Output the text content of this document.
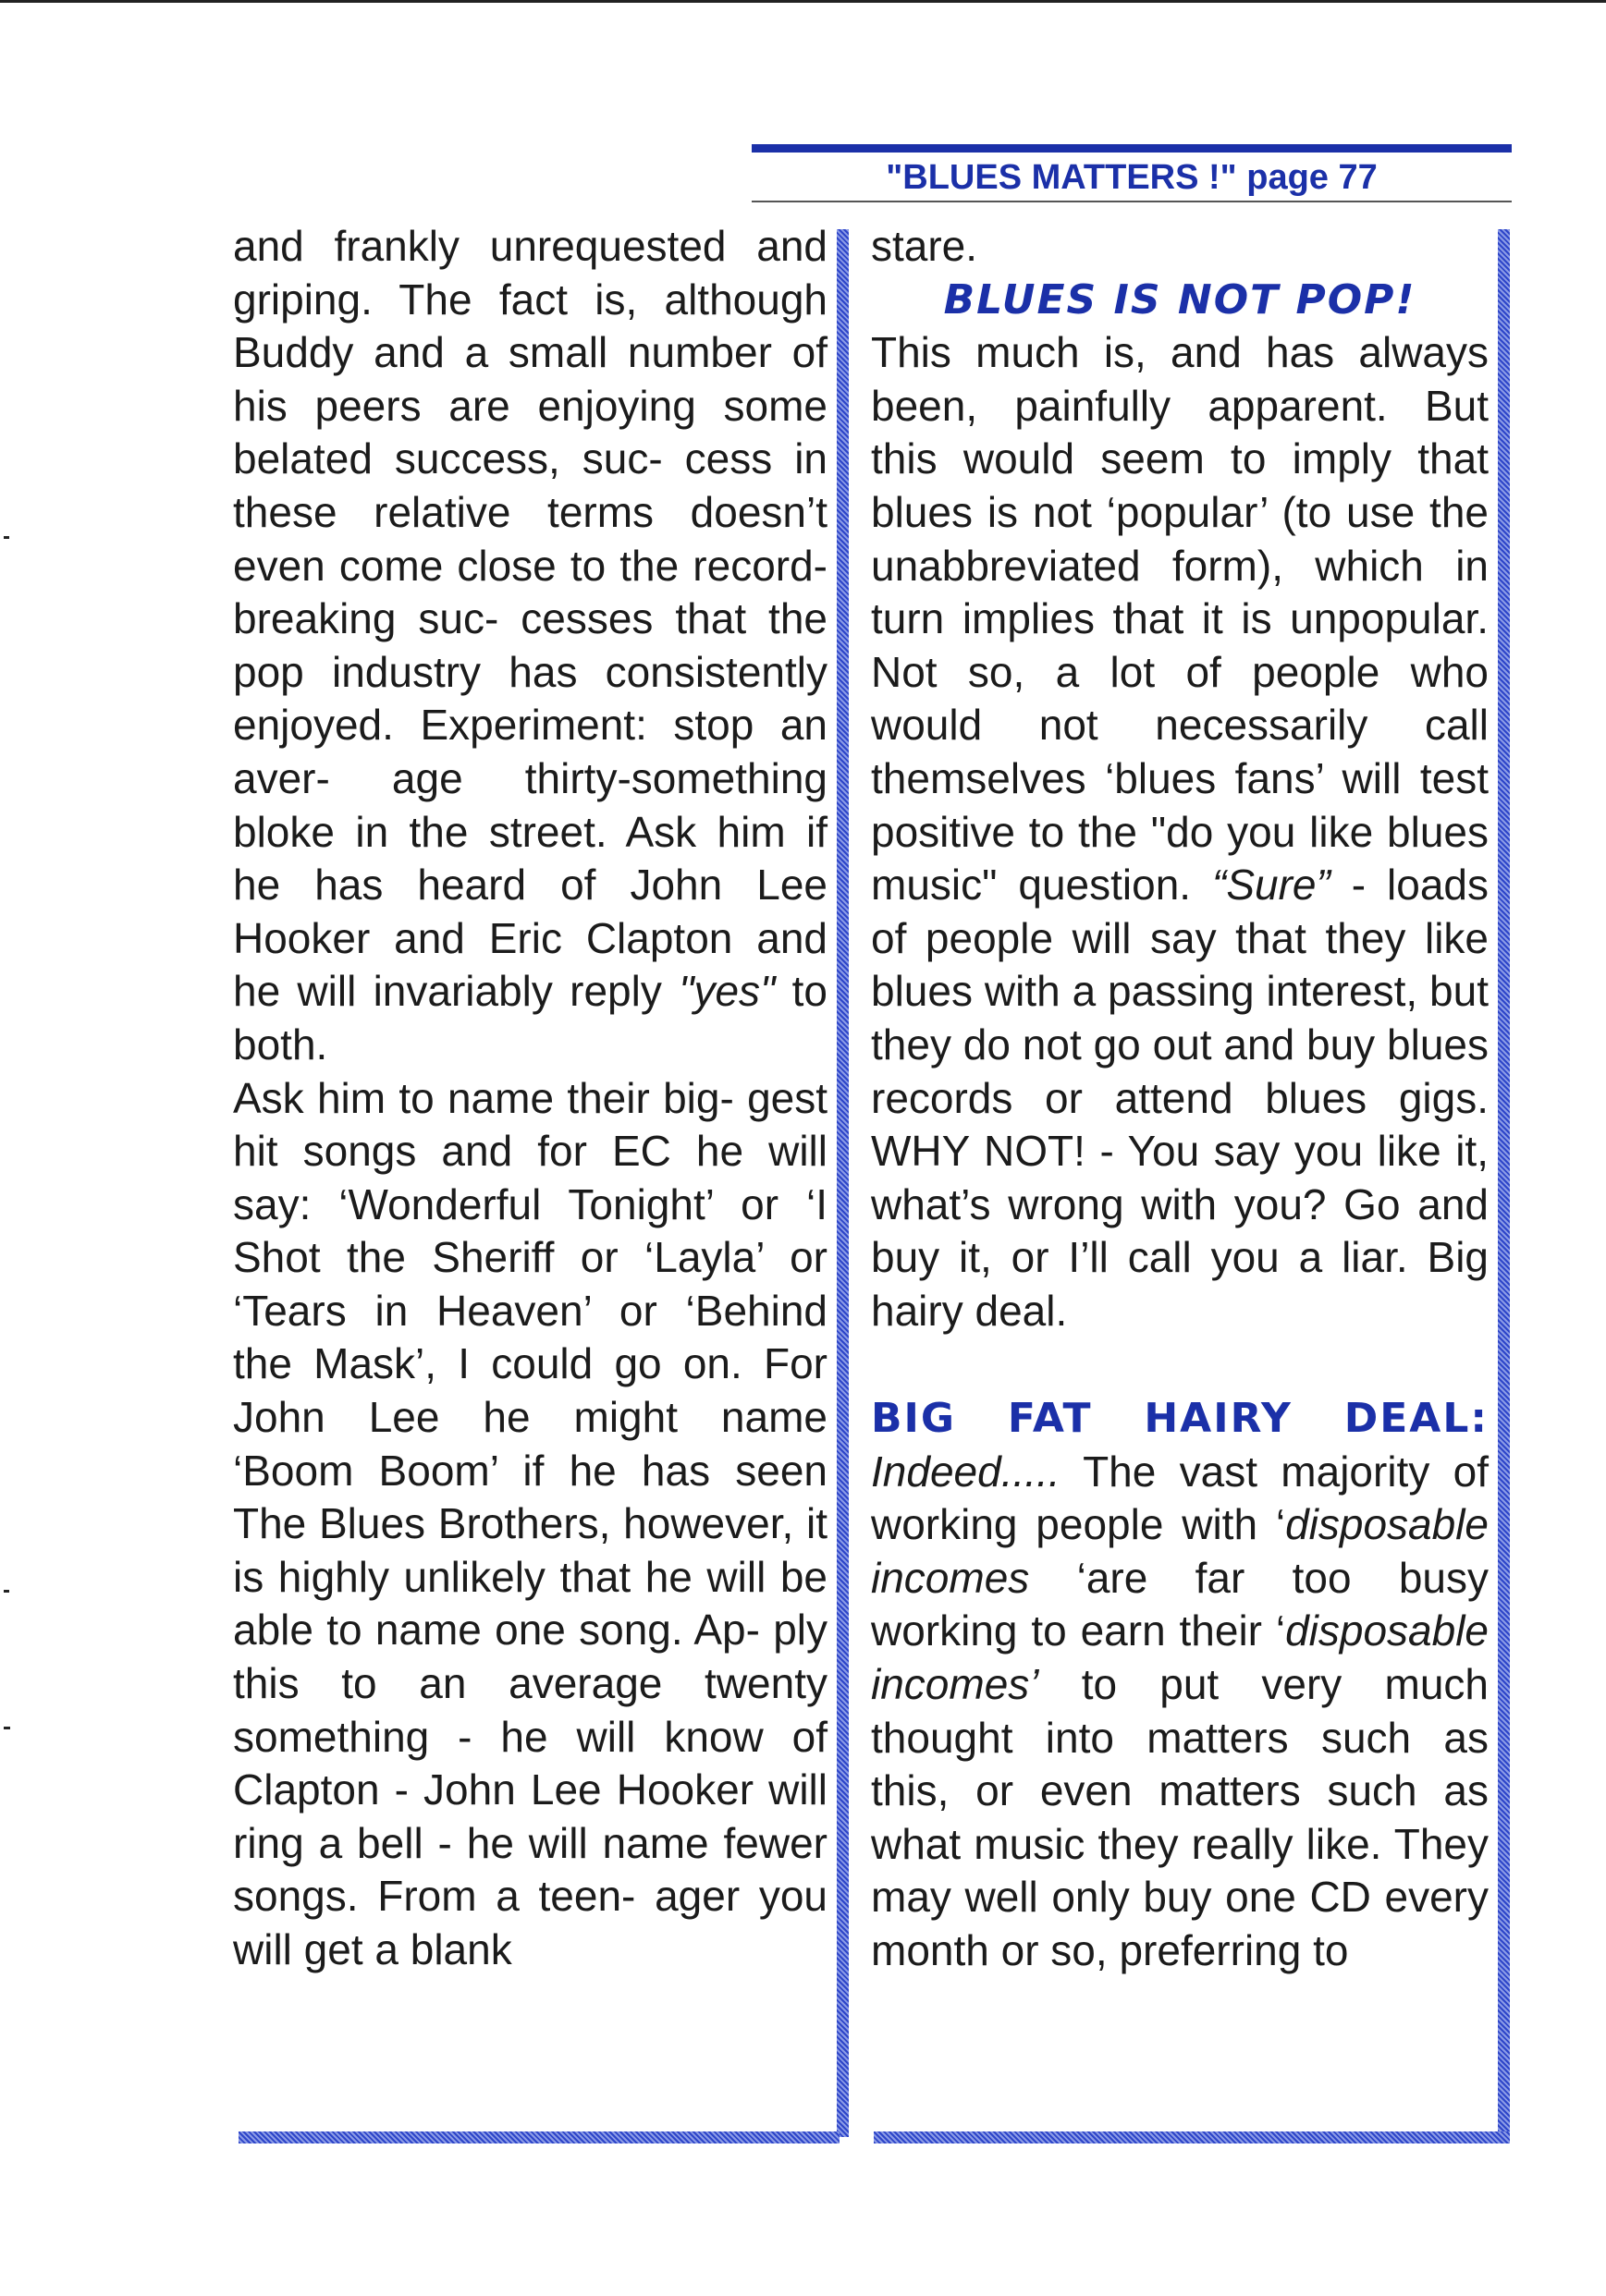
"BLUES MATTERS !" page 77

and frankly unrequested and griping. The fact is, although Buddy and a small number of his peers are enjoying some belated success, suc- cess in these relative terms doesn’t even come close to the record-breaking suc- cesses that the pop industry has consistently enjoyed. Experiment: stop an aver- age thirty-something bloke in the street. Ask him if he has heard of John Lee Hooker and Eric Clapton and he will invariably reply "yes" to both.

Ask him to name their big- gest hit songs and for EC he will say: ‘Wonderful Tonight’ or ‘I Shot the Sheriff or ‘Layla’ or ‘Tears in Heaven’ or ‘Behind the Mask’, I could go on. For John Lee he might name ‘Boom Boom’ if he has seen The Blues Brothers, however, it is highly unlikely that he will be able to name one song. Ap- ply this to an average twenty something - he will know of Clapton - John Lee Hooker will ring a bell - he will name fewer songs. From a teen- ager you will get a blank

stare.

BLUES IS NOT POP!

This much is, and has always been, painfully apparent. But this would seem to imply that blues is not ‘popular’ (to use the unabbreviated form), which in turn implies that it is unpopular. Not so, a lot of people who would not necessarily call themselves ‘blues fans’ will test positive to the "do you like blues music" question. “Sure” - loads of people will say that they like blues with a passing interest, but they do not go out and buy blues records or attend blues gigs. WHY NOT! - You say you like it, what’s wrong with you? Go and buy it, or I’ll call you a liar. Big hairy deal.

BIG FAT HAIRY DEAL: Indeed..... The vast majority of working people with ‘disposable incomes ‘are far too busy working to earn their ‘disposable incomes’ to put very much thought into matters such as this, or even matters such as what music they really like. They may well only buy one CD every month or so, preferring to
